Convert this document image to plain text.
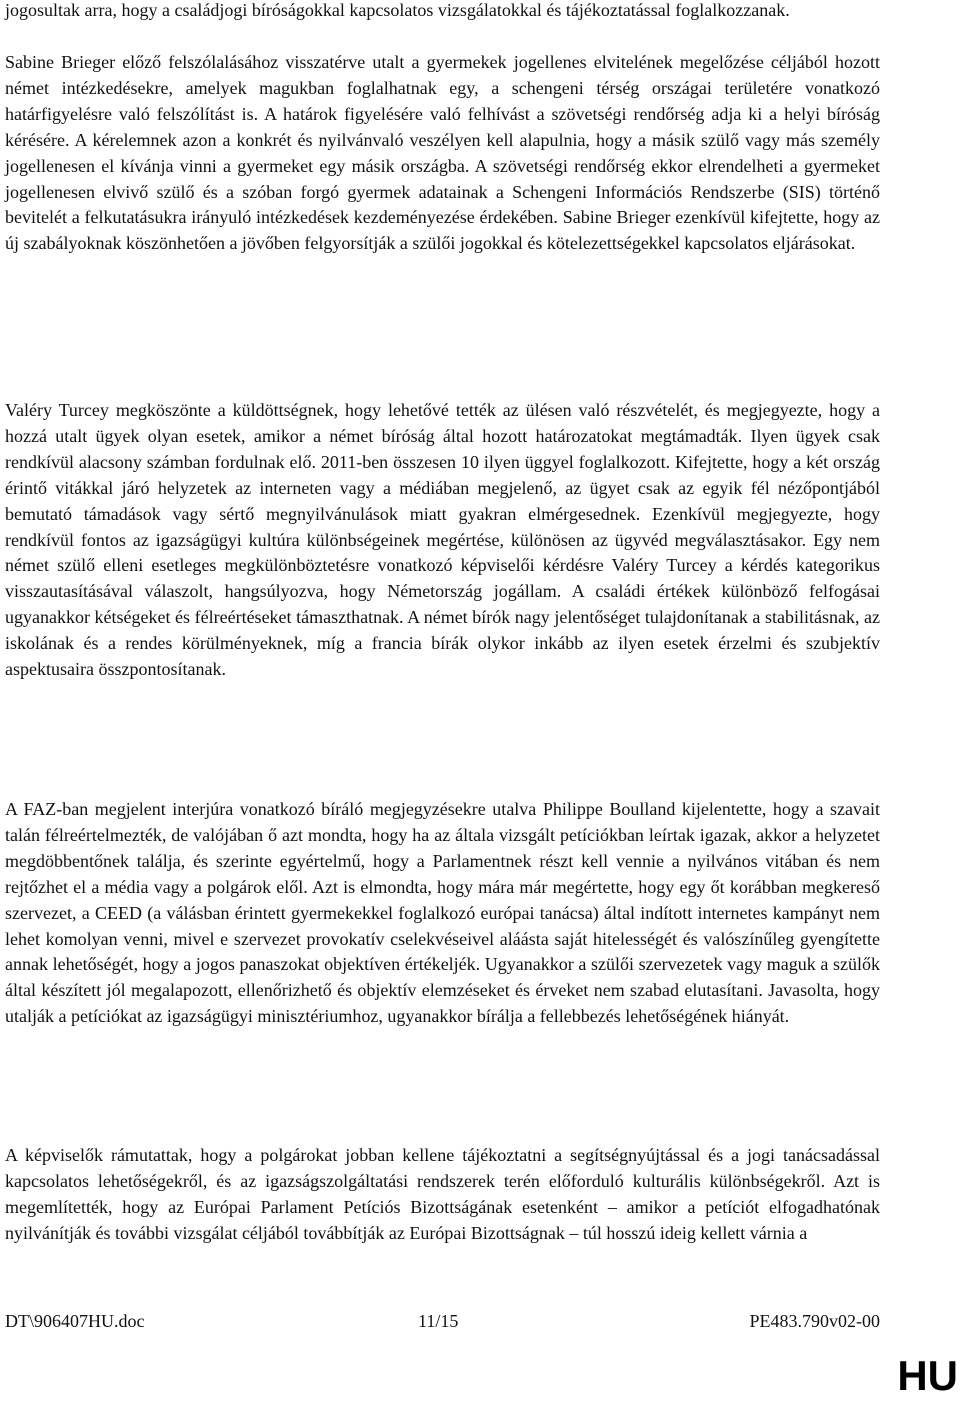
jogosultak arra, hogy a családjogi bíróságokkal kapcsolatos vizsgálatokkal és tájékoztatással foglalkozzanak.

Sabine Brieger előző felszólalásához visszatérve utalt a gyermekek jogellenes elvitelének megelőzése céljából hozott német intézkedésekre, amelyek magukban foglalhatnak egy, a schengeni térség országai területére vonatkozó határfigyelésre való felszólítást is. A határok figyelésére való felhívást a szövetségi rendőrség adja ki a helyi bíróság kérésére. A kérelemnek azon a konkrét és nyilvánvaló veszélyen kell alapulnia, hogy a másik szülő vagy más személy jogellenesen el kívánja vinni a gyermeket egy másik országba. A szövetségi rendőrség ekkor elrendelheti a gyermeket jogellenesen elvivő szülő és a szóban forgó gyermek adatainak a Schengeni Információs Rendszerbe (SIS) történő bevitelét a felkutatásukra irányuló intézkedések kezdeményezése érdekében. Sabine Brieger ezenkívül kifejtette, hogy az új szabályoknak köszönhetően a jövőben felgyorsítják a szülői jogokkal és kötelezettségekkel kapcsolatos eljárásokat.

Valéry Turcey megköszönte a küldöttségnek, hogy lehetővé tették az ülésen való részvételét, és megjegyezte, hogy a hozzá utalt ügyek olyan esetek, amikor a német bíróság által hozott határozatokat megtámadták. Ilyen ügyek csak rendkívül alacsony számban fordulnak elő. 2011-ben összesen 10 ilyen üggyel foglalkozott. Kifejtette, hogy a két ország érintő vitákkal járó helyzetek az interneten vagy a médiában megjelenő, az ügyet csak az egyik fél nézőpontjából bemutató támadások vagy sértő megnyilvánulások miatt gyakran elmérgesednek. Ezenkívül megjegyezte, hogy rendkívül fontos az igazságügyi kultúra különbségeinek megértése, különösen az ügyvéd megválasztásakor. Egy nem német szülő elleni esetleges megkülönböztetésre vonatkozó képviselői kérdésre Valéry Turcey a kérdés kategorikus visszautasításával válaszolt, hangsúlyozva, hogy Németország jogállam. A családi értékek különböző felfogásai ugyanakkor kétségeket és félreértéseket támaszthatnak. A német bírók nagy jelentőséget tulajdonítanak a stabilitásnak, az iskolának és a rendes körülményeknek, míg a francia bírák olykor inkább az ilyen esetek érzelmi és szubjektív aspektusaira összpontosítanak.

A FAZ-ban megjelent interjúra vonatkozó bíráló megjegyzésekre utalva Philippe Boulland kijelentette, hogy a szavait talán félreértelmezték, de valójában ő azt mondta, hogy ha az általa vizsgált petíciókban leírtak igazak, akkor a helyzetet megdöbbentőnek találja, és szerinte egyértelmű, hogy a Parlamentnek részt kell vennie a nyilvános vitában és nem rejtőzhet el a média vagy a polgárok elől. Azt is elmondta, hogy mára már megértette, hogy egy őt korábban megkereső szervezet, a CEED (a válásban érintett gyermekekkel foglalkozó európai tanácsa) által indított internetes kampányt nem lehet komolyan venni, mivel e szervezet provokatív cselekvéseivel aláásta saját hitelességét és valószínűleg gyengítette annak lehetőségét, hogy a jogos panaszokat objektíven értékeljék. Ugyanakkor a szülői szervezetek vagy maguk a szülők által készített jól megalapozott, ellenőrizhető és objektív elemzéseket és érveket nem szabad elutasítani. Javasolta, hogy utalják a petíciókat az igazságügyi minisztériumhoz, ugyanakkor bírálja a fellebbezés lehetőségének hiányát.

A képviselők rámutattak, hogy a polgárokat jobban kellene tájékoztatni a segítségnyújtással és a jogi tanácsadással kapcsolatos lehetőségekről, és az igazságszolgáltatási rendszerek terén előforduló kulturális különbségekről. Azt is megemlítették, hogy az Európai Parlament Petíciós Bizottságának esetenként – amikor a petíciót elfogadhatónak nyilvánítják és további vizsgálat céljából továbbítják az Európai Bizottságnak – túl hosszú ideig kellett várnia a

DT\906407HU.doc	11/15	PE483.790v02-00
HU
